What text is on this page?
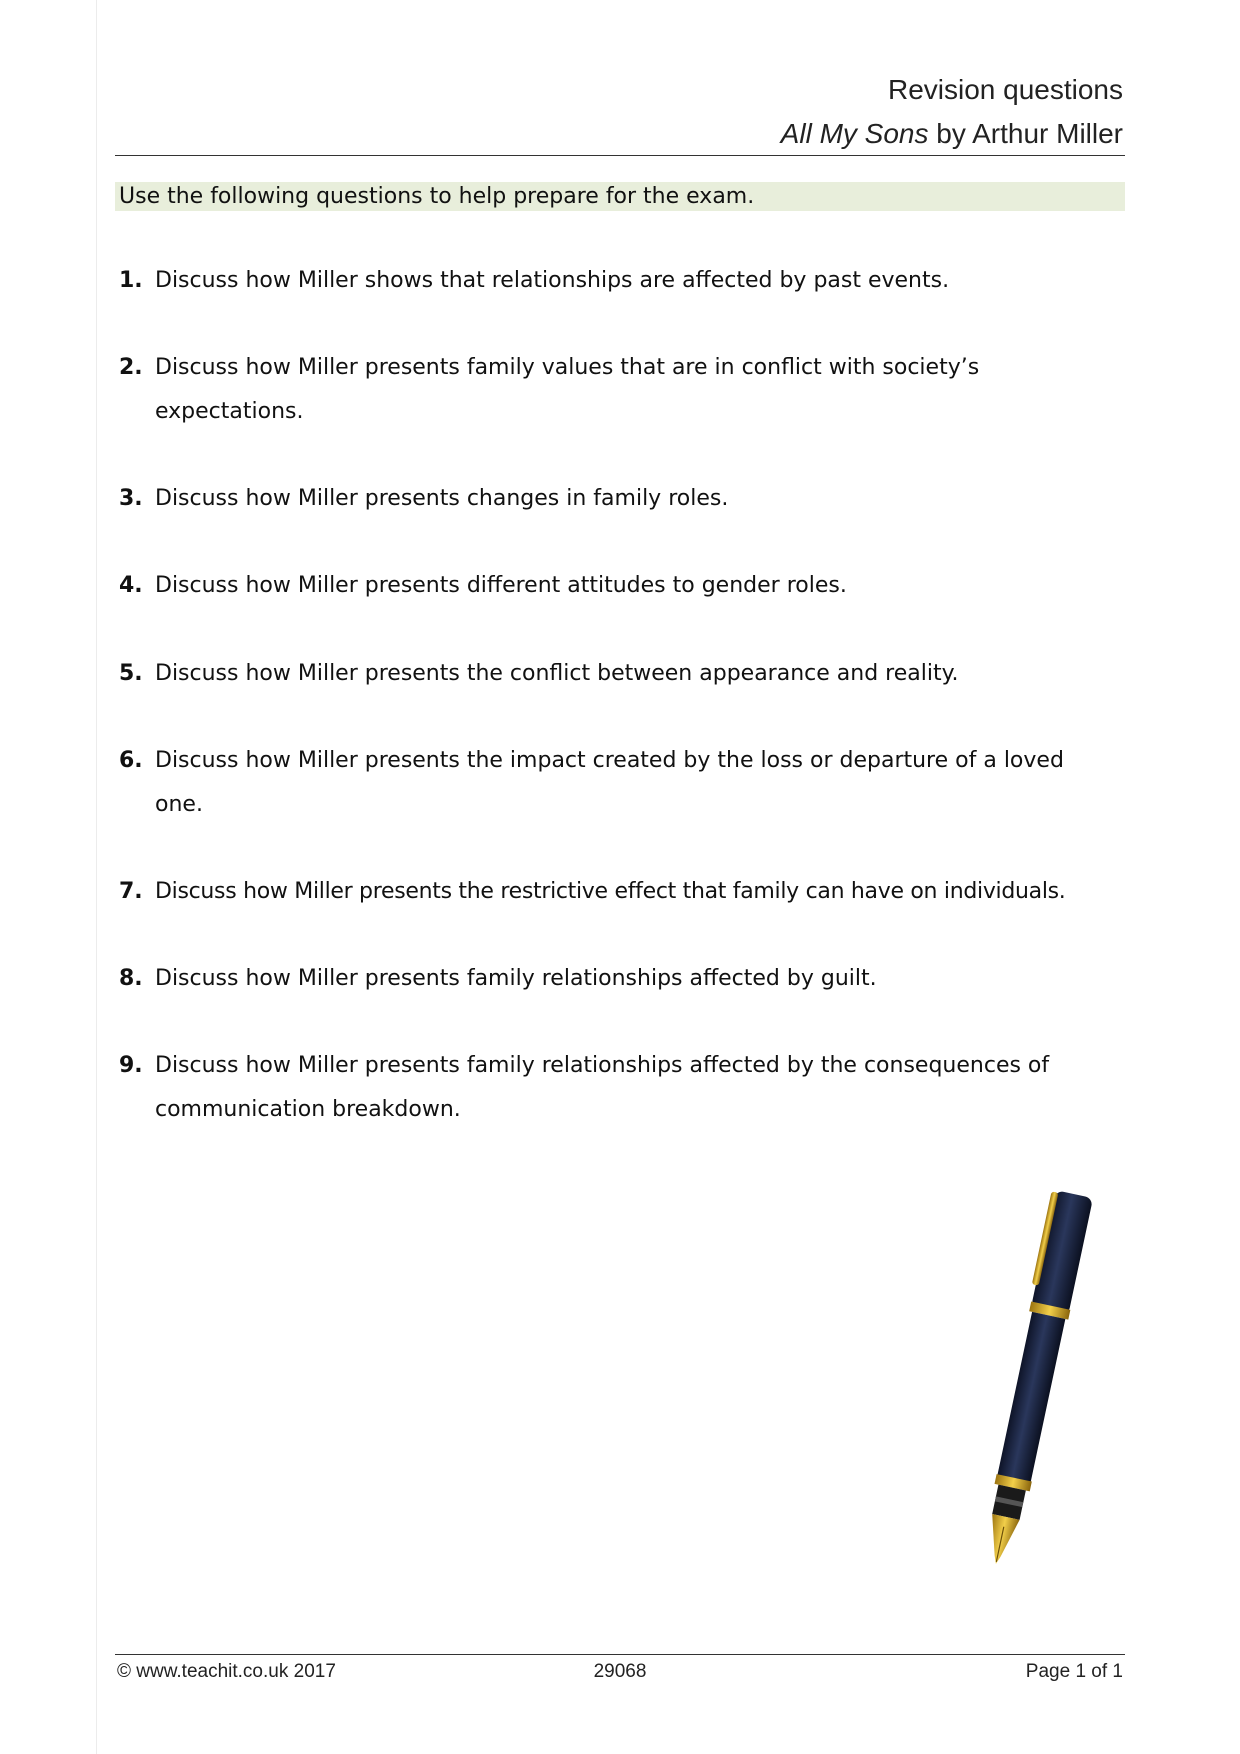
Revision questions
All My Sons by Arthur Miller
Use the following questions to help prepare for the exam.
1. Discuss how Miller shows that relationships are affected by past events.
2. Discuss how Miller presents family values that are in conflict with society’s expectations.
3. Discuss how Miller presents changes in family roles.
4. Discuss how Miller presents different attitudes to gender roles.
5. Discuss how Miller presents the conflict between appearance and reality.
6. Discuss how Miller presents the impact created by the loss or departure of a loved one.
7. Discuss how Miller presents the restrictive effect that family can have on individuals.
8. Discuss how Miller presents family relationships affected by guilt.
9. Discuss how Miller presents family relationships affected by the consequences of communication breakdown.
© www.teachit.co.uk 2017	29068	Page 1 of 1
